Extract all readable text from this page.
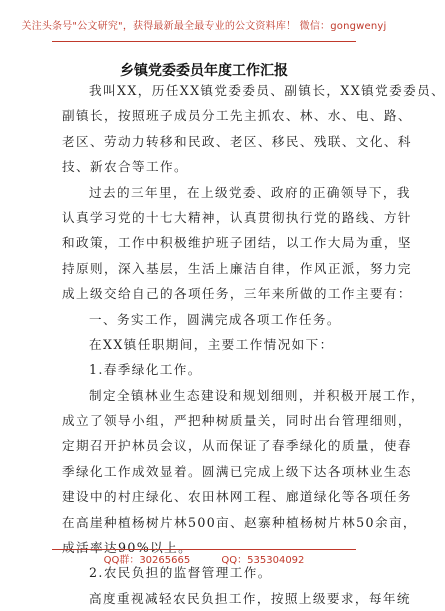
关注头条号"公文研究"，获得最新最全最专业的公文资料库！ 微信：gongwenyj
乡镇党委委员年度工作汇报
我叫XX，历任XX镇党委委员、副镇长，XX镇党委委员、
副镇长，按照班子成员分工先主抓农、林、水、电、路、
老区、劳动力转移和民政、老区、移民、残联、文化、科
技、新农合等工作。
过去的三年里，在上级党委、政府的正确领导下，我
认真学习党的十七大精神，认真贯彻执行党的路线、方针
和政策，工作中积极维护班子团结，以工作大局为重，坚
持原则，深入基层，生活上廉洁自律，作风正派，努力完
成上级交给自己的各项任务，三年来所做的工作主要有：
一、务实工作，圆满完成各项工作任务。
在XX镇任职期间，主要工作情况如下：
1.春季绿化工作。
制定全镇林业生态建设和规划细则，并积极开展工作，
成立了领导小组，严把种树质量关，同时出台管理细则，
定期召开护林员会议，从而保证了春季绿化的质量，使春
季绿化工作成效显着。圆满已完成上级下达各项林业生态
建设中的村庄绿化、农田林网工程、廊道绿化等各项任务
在高崖种植杨树片林500亩、赵寨种植杨树片林50余亩，
成活率达90%以上。
2.农民负担的监督管理工作。
高度重视减轻农民负担工作，按照上级要求，每年统
QQ群：30265665	QQ：535304092
